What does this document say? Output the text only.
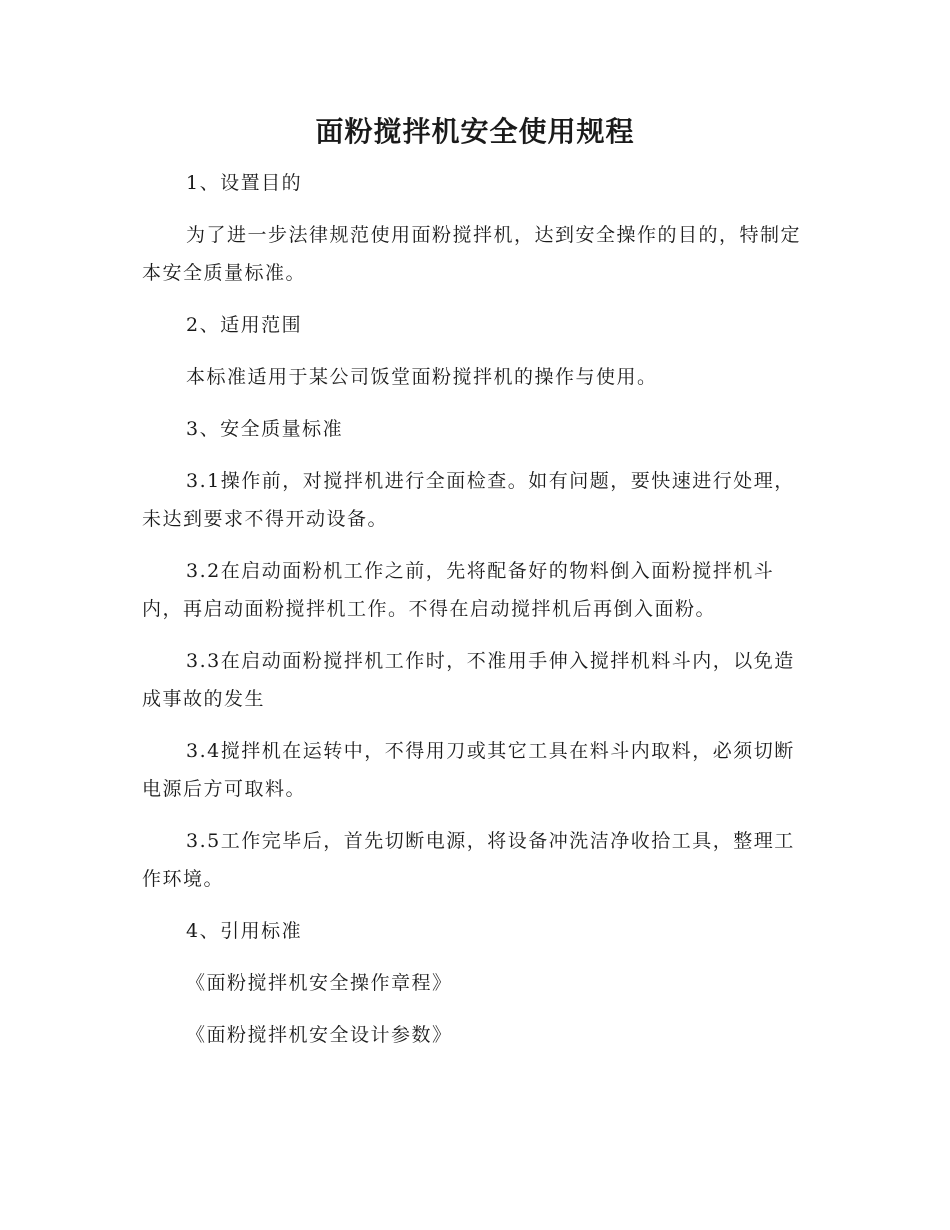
面粉搅拌机安全使用规程

1、设置目的

为了进一步法律规范使用面粉搅拌机，达到安全操作的目的，特制定本安全质量标准。

2、适用范围

本标准适用于某公司饭堂面粉搅拌机的操作与使用。

3、安全质量标准

3.1操作前，对搅拌机进行全面检查。如有问题，要快速进行处理，未达到要求不得开动设备。

3.2在启动面粉机工作之前，先将配备好的物料倒入面粉搅拌机斗内，再启动面粉搅拌机工作。不得在启动搅拌机后再倒入面粉。

3.3在启动面粉搅拌机工作时，不准用手伸入搅拌机料斗内，以免造成事故的发生

3.4搅拌机在运转中，不得用刀或其它工具在料斗内取料，必须切断电源后方可取料。

3.5工作完毕后，首先切断电源，将设备冲洗洁净收拾工具，整理工作环境。

4、引用标准

《面粉搅拌机安全操作章程》

《面粉搅拌机安全设计参数》
